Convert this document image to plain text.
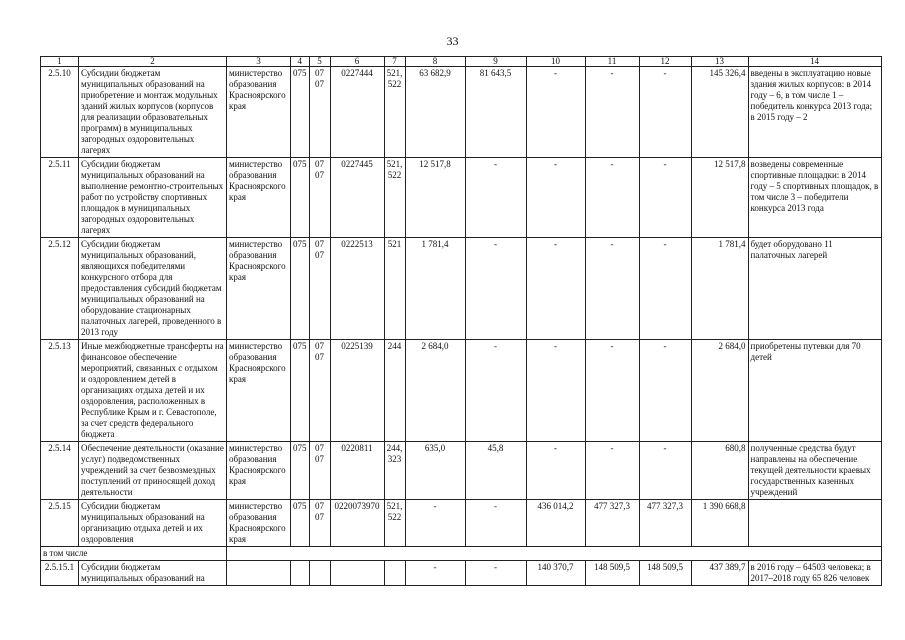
33
1	2	3	4	5	6	7	8	9	10	11	12	13	14
2.5.10	Субсидии бюджетам муниципальных образований на приобретение и монтаж модульных зданий жилых корпусов (корпусов для реализации образовательных программ) в муниципальных загородных оздоровительных лагерях	министерство образования Красноярского края	075	07 07	0227444	521, 522	63 682,9	81 643,5	-	-	-	145 326,4	введены в эксплуатацию новые здания жилых корпусов: в 2014 году – 6, в том числе 1 – победитель конкурса 2013 года; в 2015 году – 2
2.5.11	Субсидии бюджетам муниципальных образований на выполнение ремонтно-строительных работ по устройству спортивных площадок в муниципальных загородных оздоровительных лагерях	министерство образования Красноярского края	075	07 07	0227445	521, 522	12 517,8	-	-	-	-	12 517,8	возведены современные спортивные площадки: в 2014 году – 5 спортивных площадок, в том числе 3 – победители конкурса 2013 года
2.5.12	Субсидии бюджетам муниципальных образований, являющихся победителями конкурсного отбора для предоставления субсидий бюджетам муниципальных образований на оборудование стационарных палаточных лагерей, проведенного в 2013 году	министерство образования Красноярского края	075	07 07	0222513	521	1 781,4	-	-	-	-	1 781,4	будет оборудовано 11 палаточных лагерей
2.5.13	Иные межбюджетные трансферты на финансовое обеспечение мероприятий, связанных с отдыхом и оздоровлением детей в организациях отдыха детей и их оздоровления, расположенных в Республике Крым и г. Севастополе, за счет средств федерального бюджета	министерство образования Красноярского края	075	07 07	0225139	244	2 684,0	-	-	-	-	2 684,0	приобретены путевки для 70 детей
2.5.14	Обеспечение деятельности (оказание услуг) подведомственных учреждений за счет безвозмездных поступлений от приносящей доход деятельности	министерство образования Красноярского края	075	07 07	0220811	244, 323	635,0	45,8	-	-	-	680,8	полученные средства будут направлены на обеспечение текущей деятельности краевых государственных казенных учреждений
2.5.15	Субсидии бюджетам муниципальных образований на организацию отдыха детей и их оздоровления	министерство образования Красноярского края	075	07 07	0220073970	521, 522	-	-	436 014,2	477 327,3	477 327,3	1 390 668,8	
в том числе													
2.5.15.1	Субсидии бюджетам муниципальных образований на						-	-	140 370,7	148 509,5	148 509,5	437 389,7	в 2016 году – 64503 человека; в 2017–2018 году 65 826 человек
